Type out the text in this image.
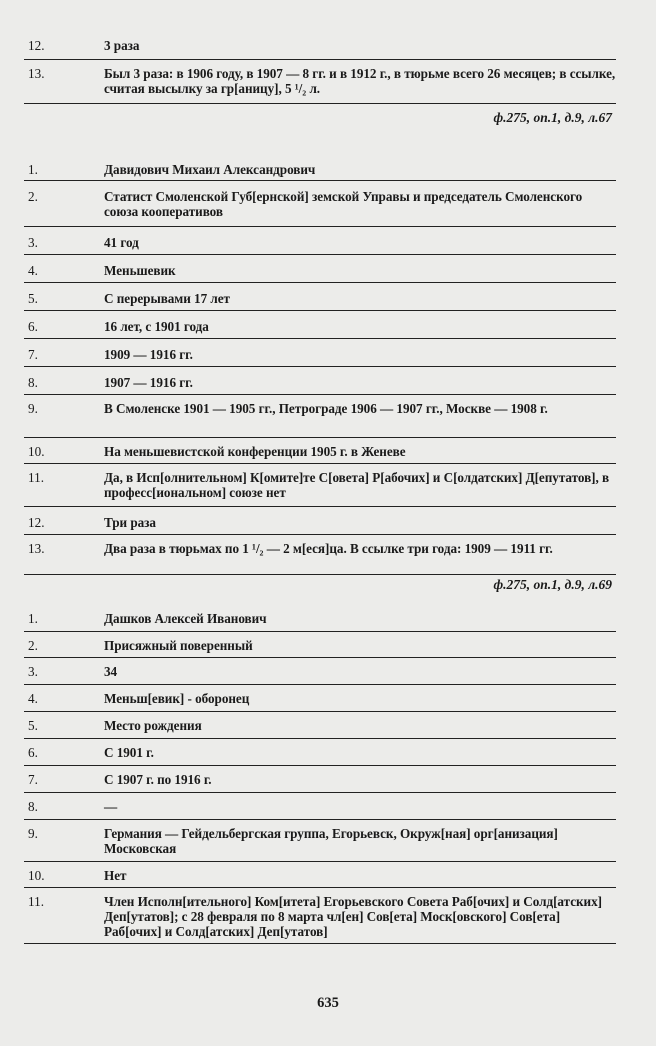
12.	3 раза
13.	Был 3 раза: в 1906 году, в 1907 — 8 гг. и в 1912 г., в тюрьме всего 26 месяцев; в ссылке, считая высылку за гр[аницу], 5 ¹/₂ л.
ф.275, оп.1, д.9, л.67
1.	Давидович Михаил Александрович
2.	Статист Смоленской Губ[ернской] земской Управы и председатель Смоленского союза кооперативов
3.	41 год
4.	Меньшевик
5.	С перерывами 17 лет
6.	16 лет, с 1901 года
7.	1909 — 1916 гг.
8.	1907 — 1916 гг.
9.	В Смоленске 1901 — 1905 гг., Петрограде 1906 — 1907 гг., Москве — 1908 г.
10.	На меньшевистской конференции 1905 г. в Женеве
11.	Да, в Исп[олнительном] К[омите]те С[овета] Р[абочих] и С[олдатских] Д[епутатов], в професс[иональном] союзе нет
12.	Три раза
13.	Два раза в тюрьмах по 1 ¹/₂ — 2 м[еся]ца. В ссылке три года: 1909 — 1911 гг.
ф.275, оп.1, д.9, л.69
1.	Дашков Алексей Иванович
2.	Присяжный поверенный
3.	34
4.	Меньш[евик] - оборонец
5.	Место рождения
6.	С 1901 г.
7.	С 1907 г. по 1916 г.
8.	—
9.	Германия — Гейдельбергская группа, Егорьевск, Окруж[ная] орг[анизация] Московская
10.	Нет
11.	Член Исполн[ительного] Ком[итета] Егорьевского Совета Раб[очих] и Солд[атских] Деп[утатов]; с 28 февраля по 8 марта чл[ен] Сов[ета] Моск[овского] Сов[ета] Раб[очих] и Солд[атских] Деп[утатов]
635
